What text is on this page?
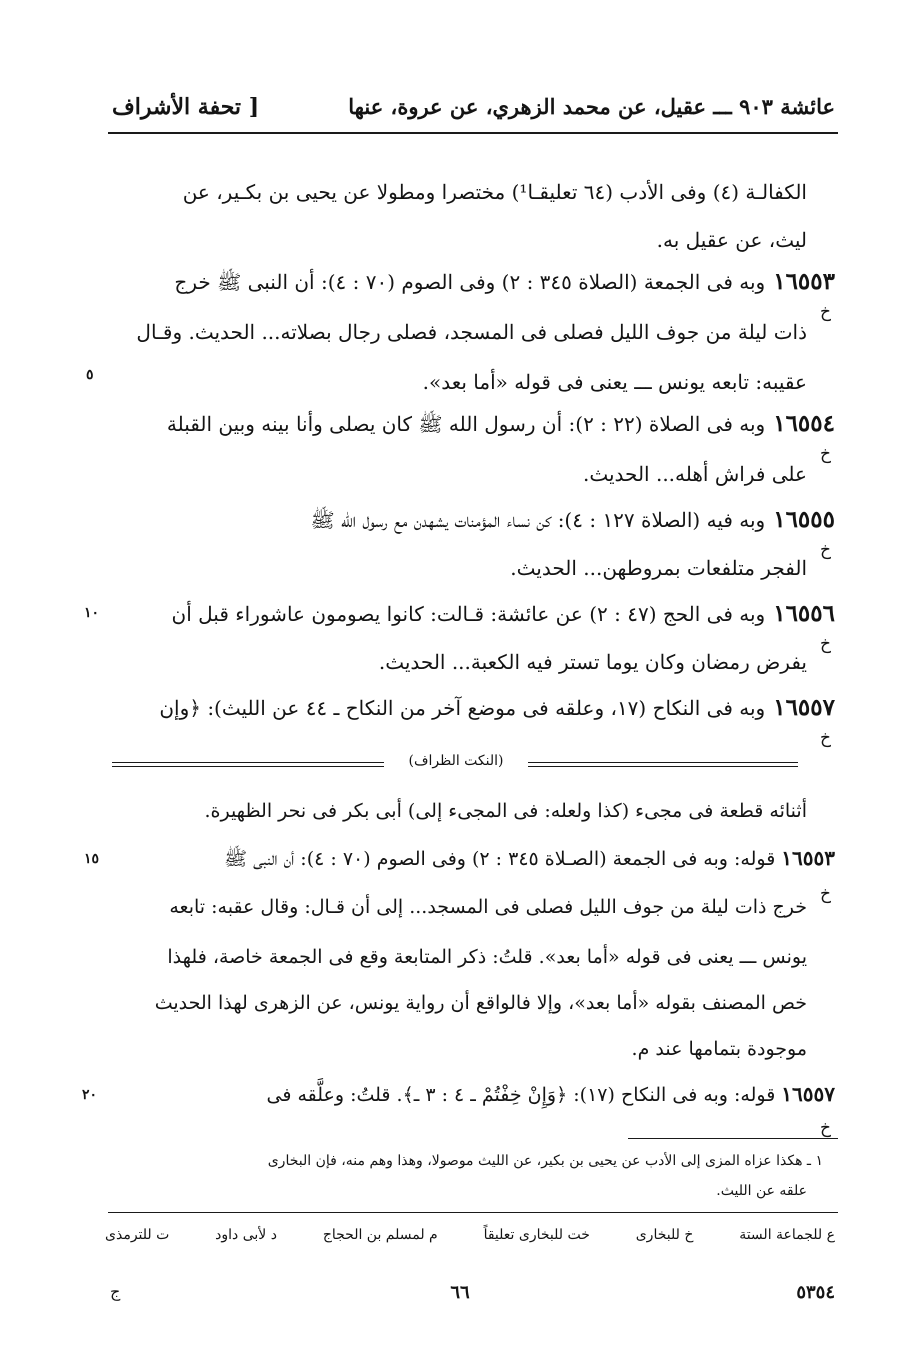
عائشة ٩٠٣ ـــ عقيل، عن محمد الزهري، عن عروة، عنها
[ تحفة الأشراف
الكفالـة (٤) وفى الأدب (٦٤ تعليقـا¹) مختصرا ومطولا عن يحيى بن بكـير، عن
ليث، عن عقيل به.
١٦٥٥٣وبه فى الجمعة (الصلاة ٣٤٥ : ٢) وفى الصوم (٧٠ : ٤): أن النبى ﷺ خرج
خ
ذات ليلة من جوف الليل فصلى فى المسجد، فصلى رجال بصلاته... الحديث. وقـال
عقيبه: تابعه يونس ـــ يعنى فى قوله «أما بعد».
٥
١٦٥٥٤وبه فى الصلاة (٢٢ : ٢): أن رسول الله ﷺ كان يصلى وأنا بينه وبين القبلة
خ
على فراش أهله... الحديث.
١٦٥٥٥وبه فيه (الصلاة ١٢٧ : ٤): كن نساء المؤمنات يشهدن مع رسول الله ﷺ
خ
الفجر متلفعات بمروطهن... الحديث.
١٦٥٥٦وبه فى الحج (٤٧ : ٢) عن عائشة: قـالت: كانوا يصومون عاشوراء قبل أن
١٠
خ
يفرض رمضان وكان يوما تستر فيه الكعبة... الحديث.
١٦٥٥٧وبه فى النكاح (١٧، وعلقه فى موضع آخر من النكاح ـ ٤٤ عن الليث): ﴿وإن
خ
(النكت الظراف)
أثنائه قطعة فى مجىء (كذا ولعله: فى المجىء إلى) أبى بكر فى نحر الظهيرة.
١٦٥٥٣قوله: وبه فى الجمعة (الصـلاة ٣٤٥ : ٢) وفى الصوم (٧٠ : ٤): أن النبى ﷺ
١٥
خ
خرج ذات ليلة من جوف الليل فصلى فى المسجد... إلى أن قـال: وقال عقبه: تابعه
يونس ـــ يعنى فى قوله «أما بعد». قلتُ: ذكر المتابعة وقع فى الجمعة خاصة، فلهذا
خص المصنف بقوله «أما بعد»، وإلا فالواقع أن رواية يونس، عن الزهرى لهذا الحديث
موجودة بتمامها عند م.
١٦٥٥٧قوله: وبه فى النكاح (١٧): ﴿وَإِنْ خِفْتُمْ ـ ٤ : ٣ ـ﴾. قلتُ: وعلَّقه فى
٢٠
خ
١ ـ هكذا عزاه المزى إلى الأدب عن يحيى بن بكير، عن الليث موصولا، وهذا وهم منه، فإن البخارى
علقه عن الليث.
ع للجماعة الستة
خ للبخارى
خت للبخارى تعليقاً
م لمسلم بن الحجاج
د لأبى داود
ت للترمذى
ج	٦٦	٥٣٥٤
